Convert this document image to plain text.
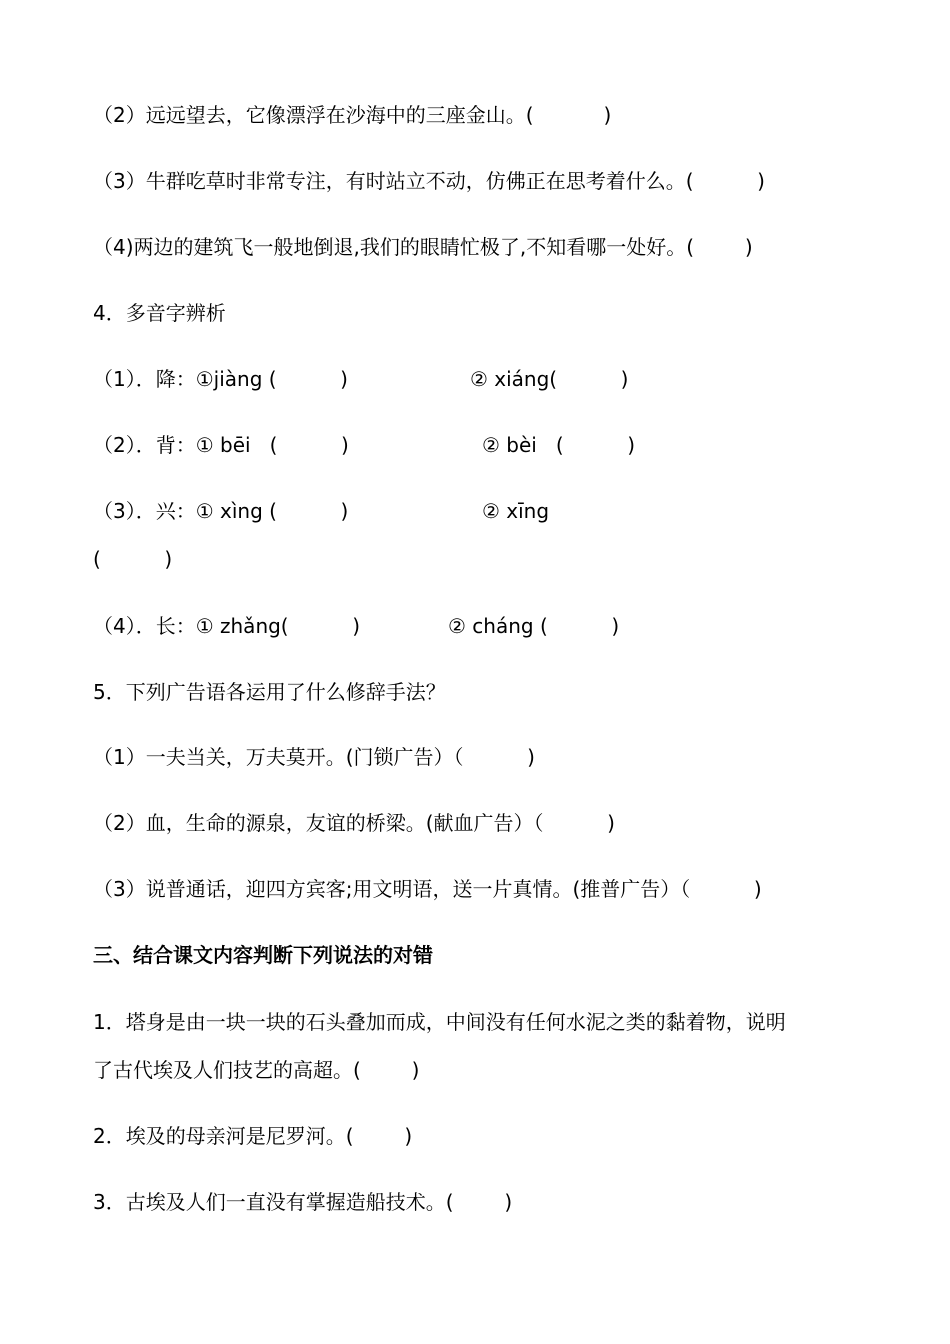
（2）远远望去，它像漂浮在沙海中的三座金山。(           )
（3）牛群吃草时非常专注，有时站立不动，仿佛正在思考着什么。(          )
（4)两边的建筑飞一般地倒退,我们的眼睛忙极了,不知看哪一处好。(        )
4．多音字辨析
（1）．降：①jiàng (          )	② xiáng(          )
（2）．背：① bēi   (          )	② bèi   (          )
（3）．兴：① xìng (          )	② xīng
(          )
（4）．长：① zhǎng(          )	② cháng (          )
5．下列广告语各运用了什么修辞手法？
（1）一夫当关，万夫莫开。(门锁广告）（          )
（2）血，生命的源泉，友谊的桥梁。(献血广告）（          )
（3）说普通话，迎四方宾客;用文明语，送一片真情。(推普广告）（          )
三、结合课文内容判断下列说法的对错
1．塔身是由一块一块的石头叠加而成，中间没有任何水泥之类的黏着物，说明
了古代埃及人们技艺的高超。(        )
2．埃及的母亲河是尼罗河。(        )
3．古埃及人们一直没有掌握造船技术。(        )
